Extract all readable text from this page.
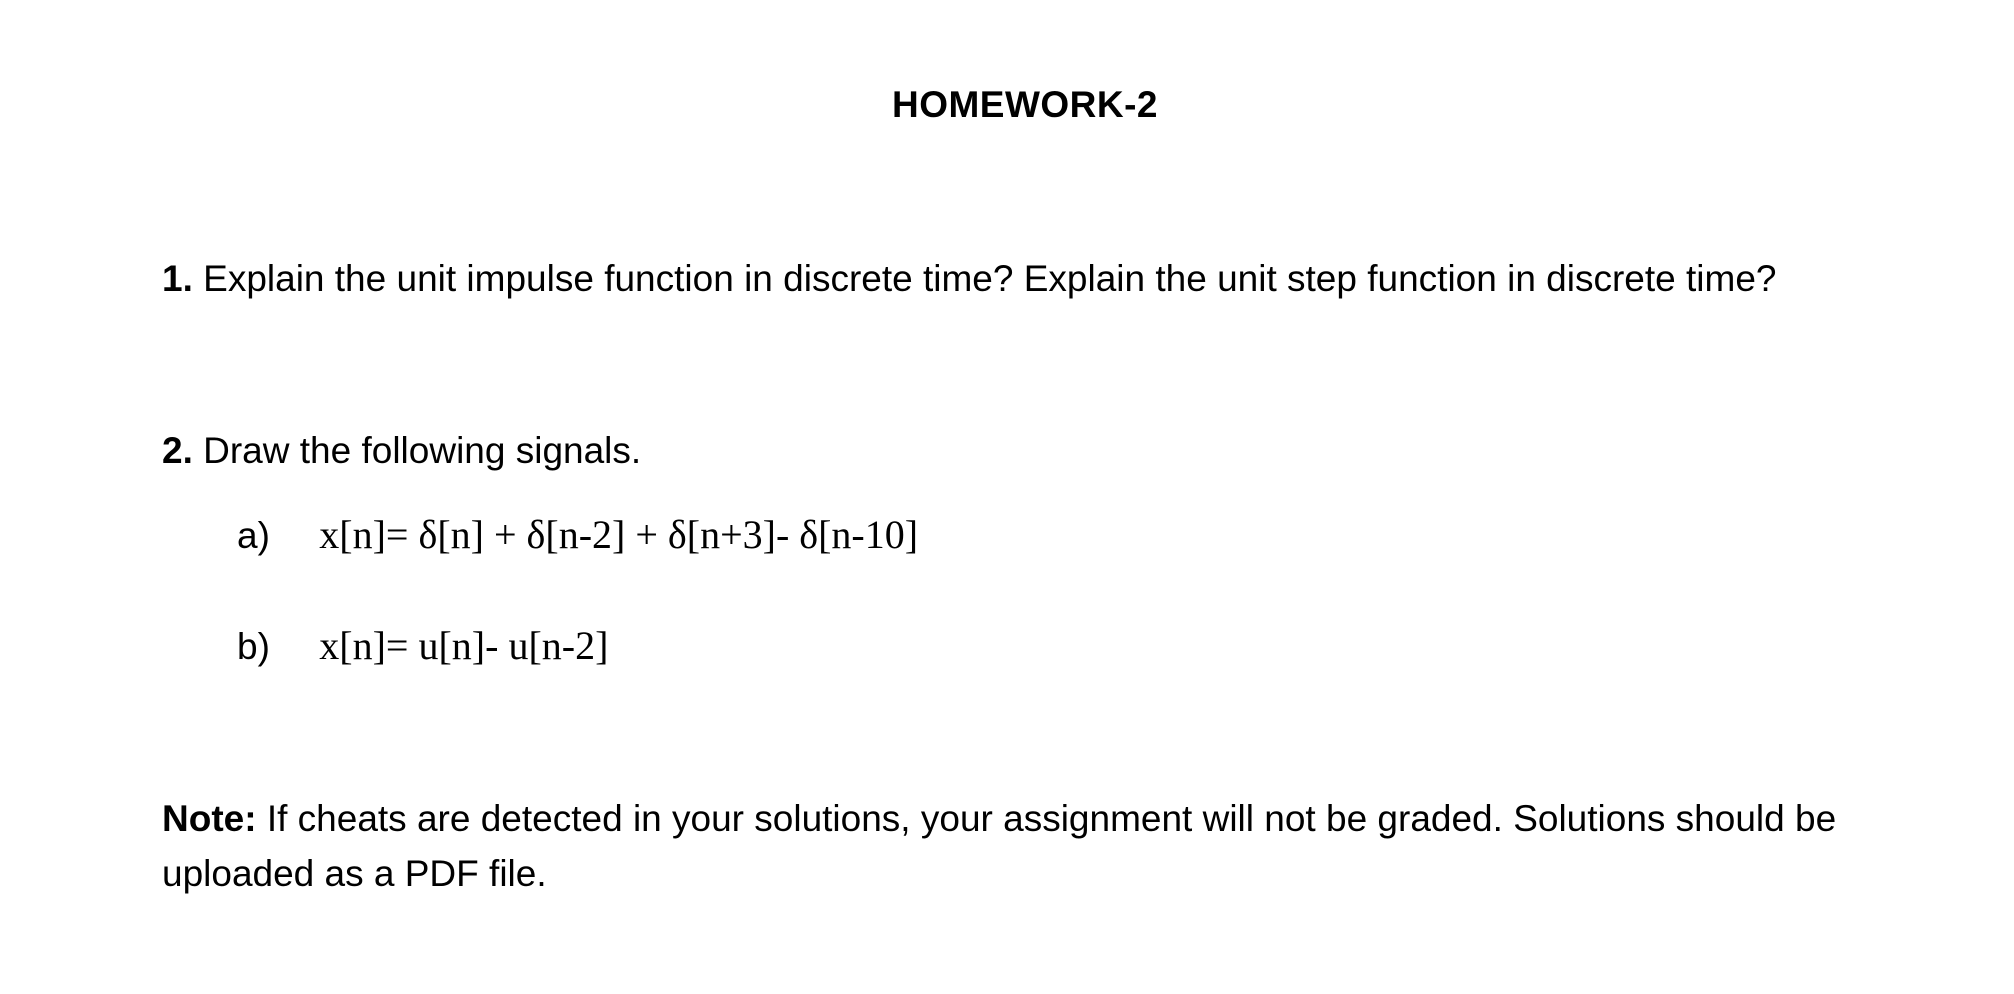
HOMEWORK-2
1. Explain the unit impulse function in discrete time? Explain the unit step function in discrete time?
2. Draw the following signals.
a) x[n]= δ[n] + δ[n-2] + δ[n+3]- δ[n-10]
b) x[n]= u[n]- u[n-2]
Note: If cheats are detected in your solutions, your assignment will not be graded. Solutions should be uploaded as a PDF file.
